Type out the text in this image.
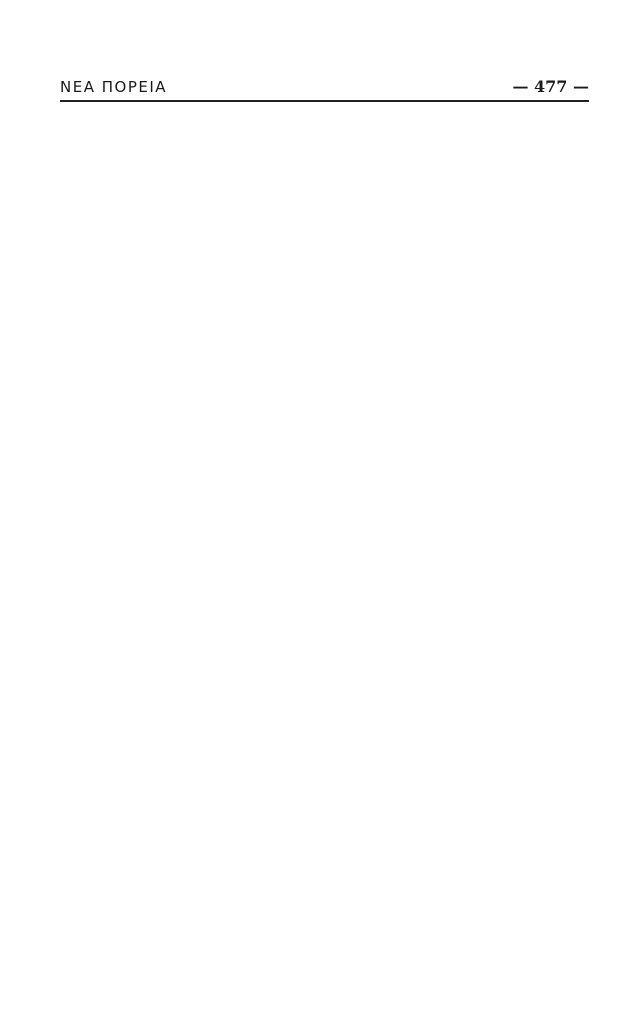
ΝΕΑ ΠΟΡΕΙΑ	— 477 —
